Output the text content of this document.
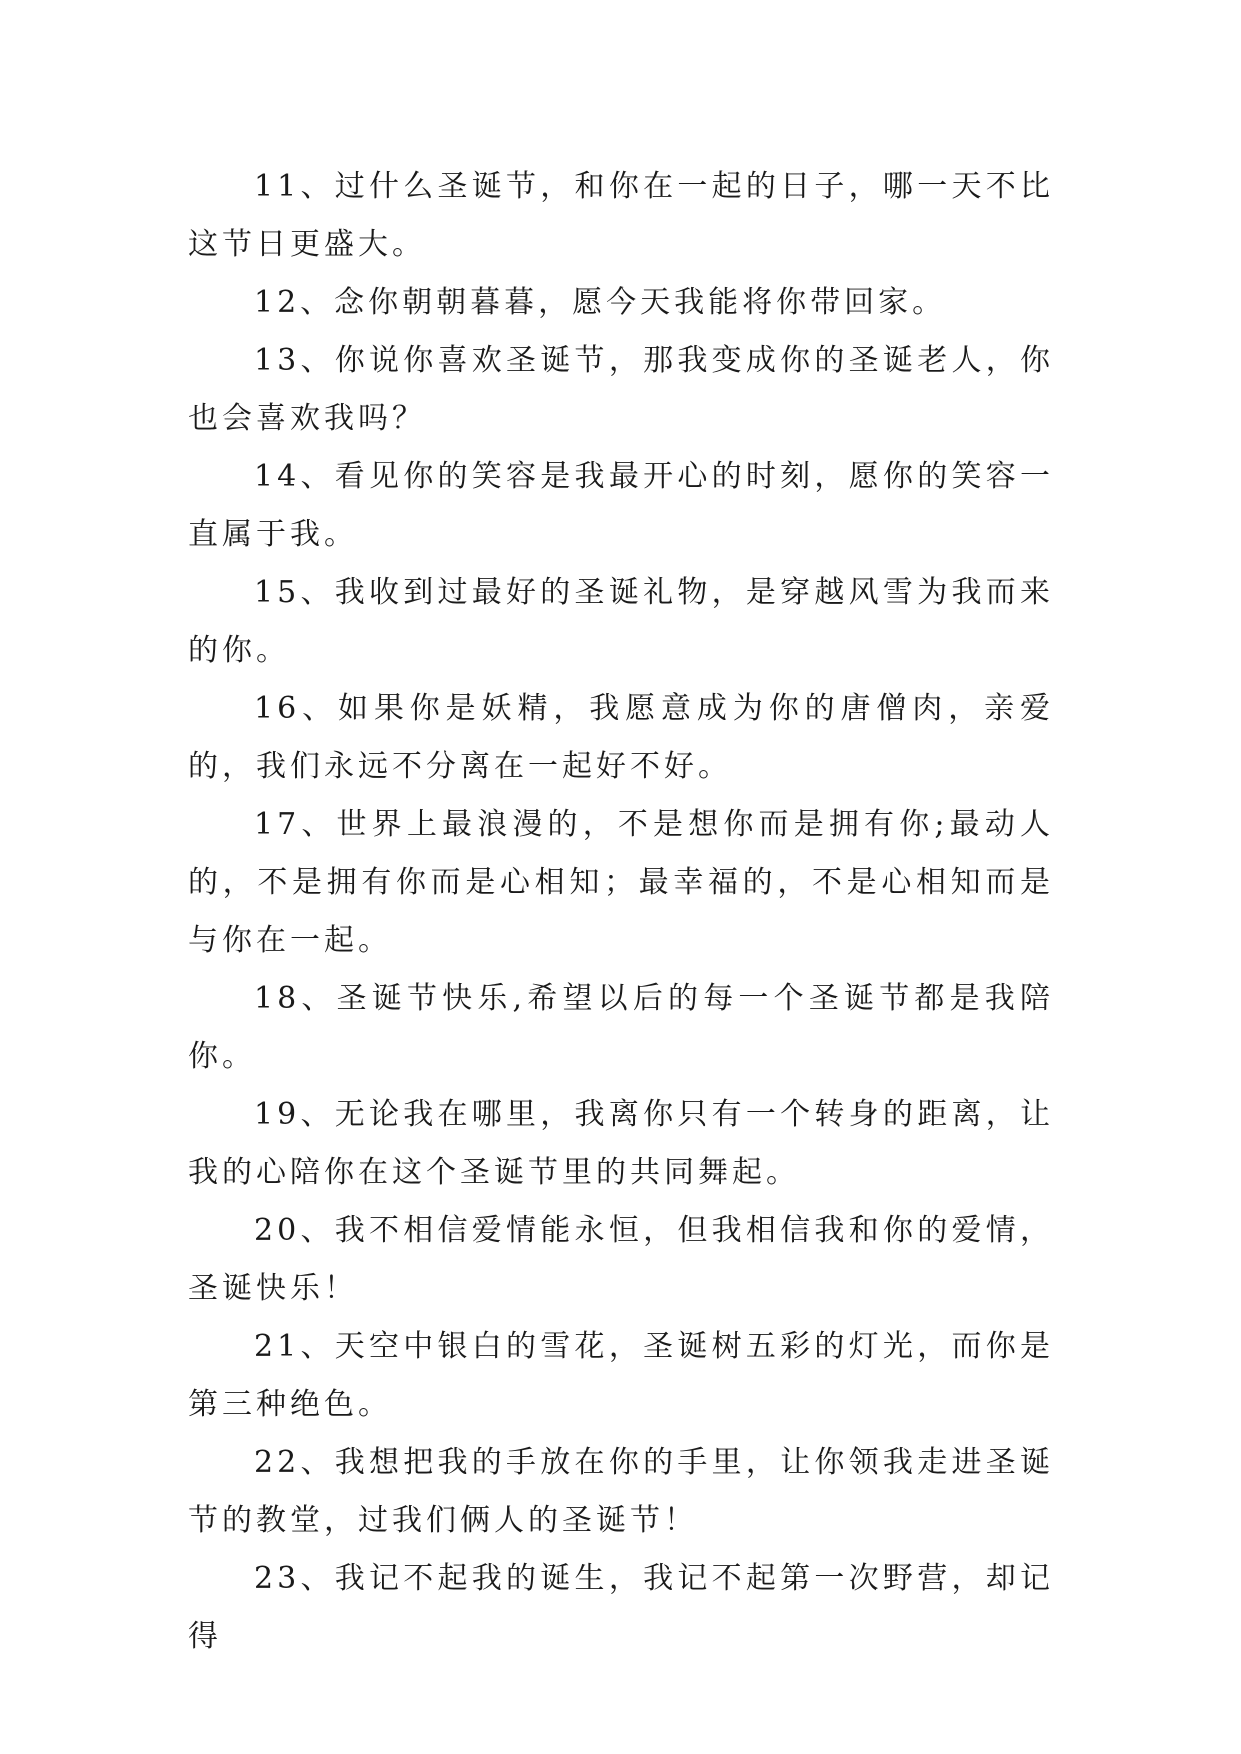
11、过什么圣诞节，和你在一起的日子，哪一天不比这节日更盛大。

12、念你朝朝暮暮，愿今天我能将你带回家。

13、你说你喜欢圣诞节，那我变成你的圣诞老人，你也会喜欢我吗？

14、看见你的笑容是我最开心的时刻，愿你的笑容一直属于我。

15、我收到过最好的圣诞礼物，是穿越风雪为我而来的你。

16、如果你是妖精，我愿意成为你的唐僧肉，亲爱的，我们永远不分离在一起好不好。

17、世界上最浪漫的，不是想你而是拥有你;最动人的，不是拥有你而是心相知；最幸福的，不是心相知而是与你在一起。

18、圣诞节快乐,希望以后的每一个圣诞节都是我陪你。

19、无论我在哪里，我离你只有一个转身的距离，让我的心陪你在这个圣诞节里的共同舞起。

20、我不相信爱情能永恒，但我相信我和你的爱情，圣诞快乐！

21、天空中银白的雪花，圣诞树五彩的灯光，而你是第三种绝色。

22、我想把我的手放在你的手里，让你领我走进圣诞节的教堂，过我们俩人的圣诞节！

23、我记不起我的诞生，我记不起第一次野营，却记得
